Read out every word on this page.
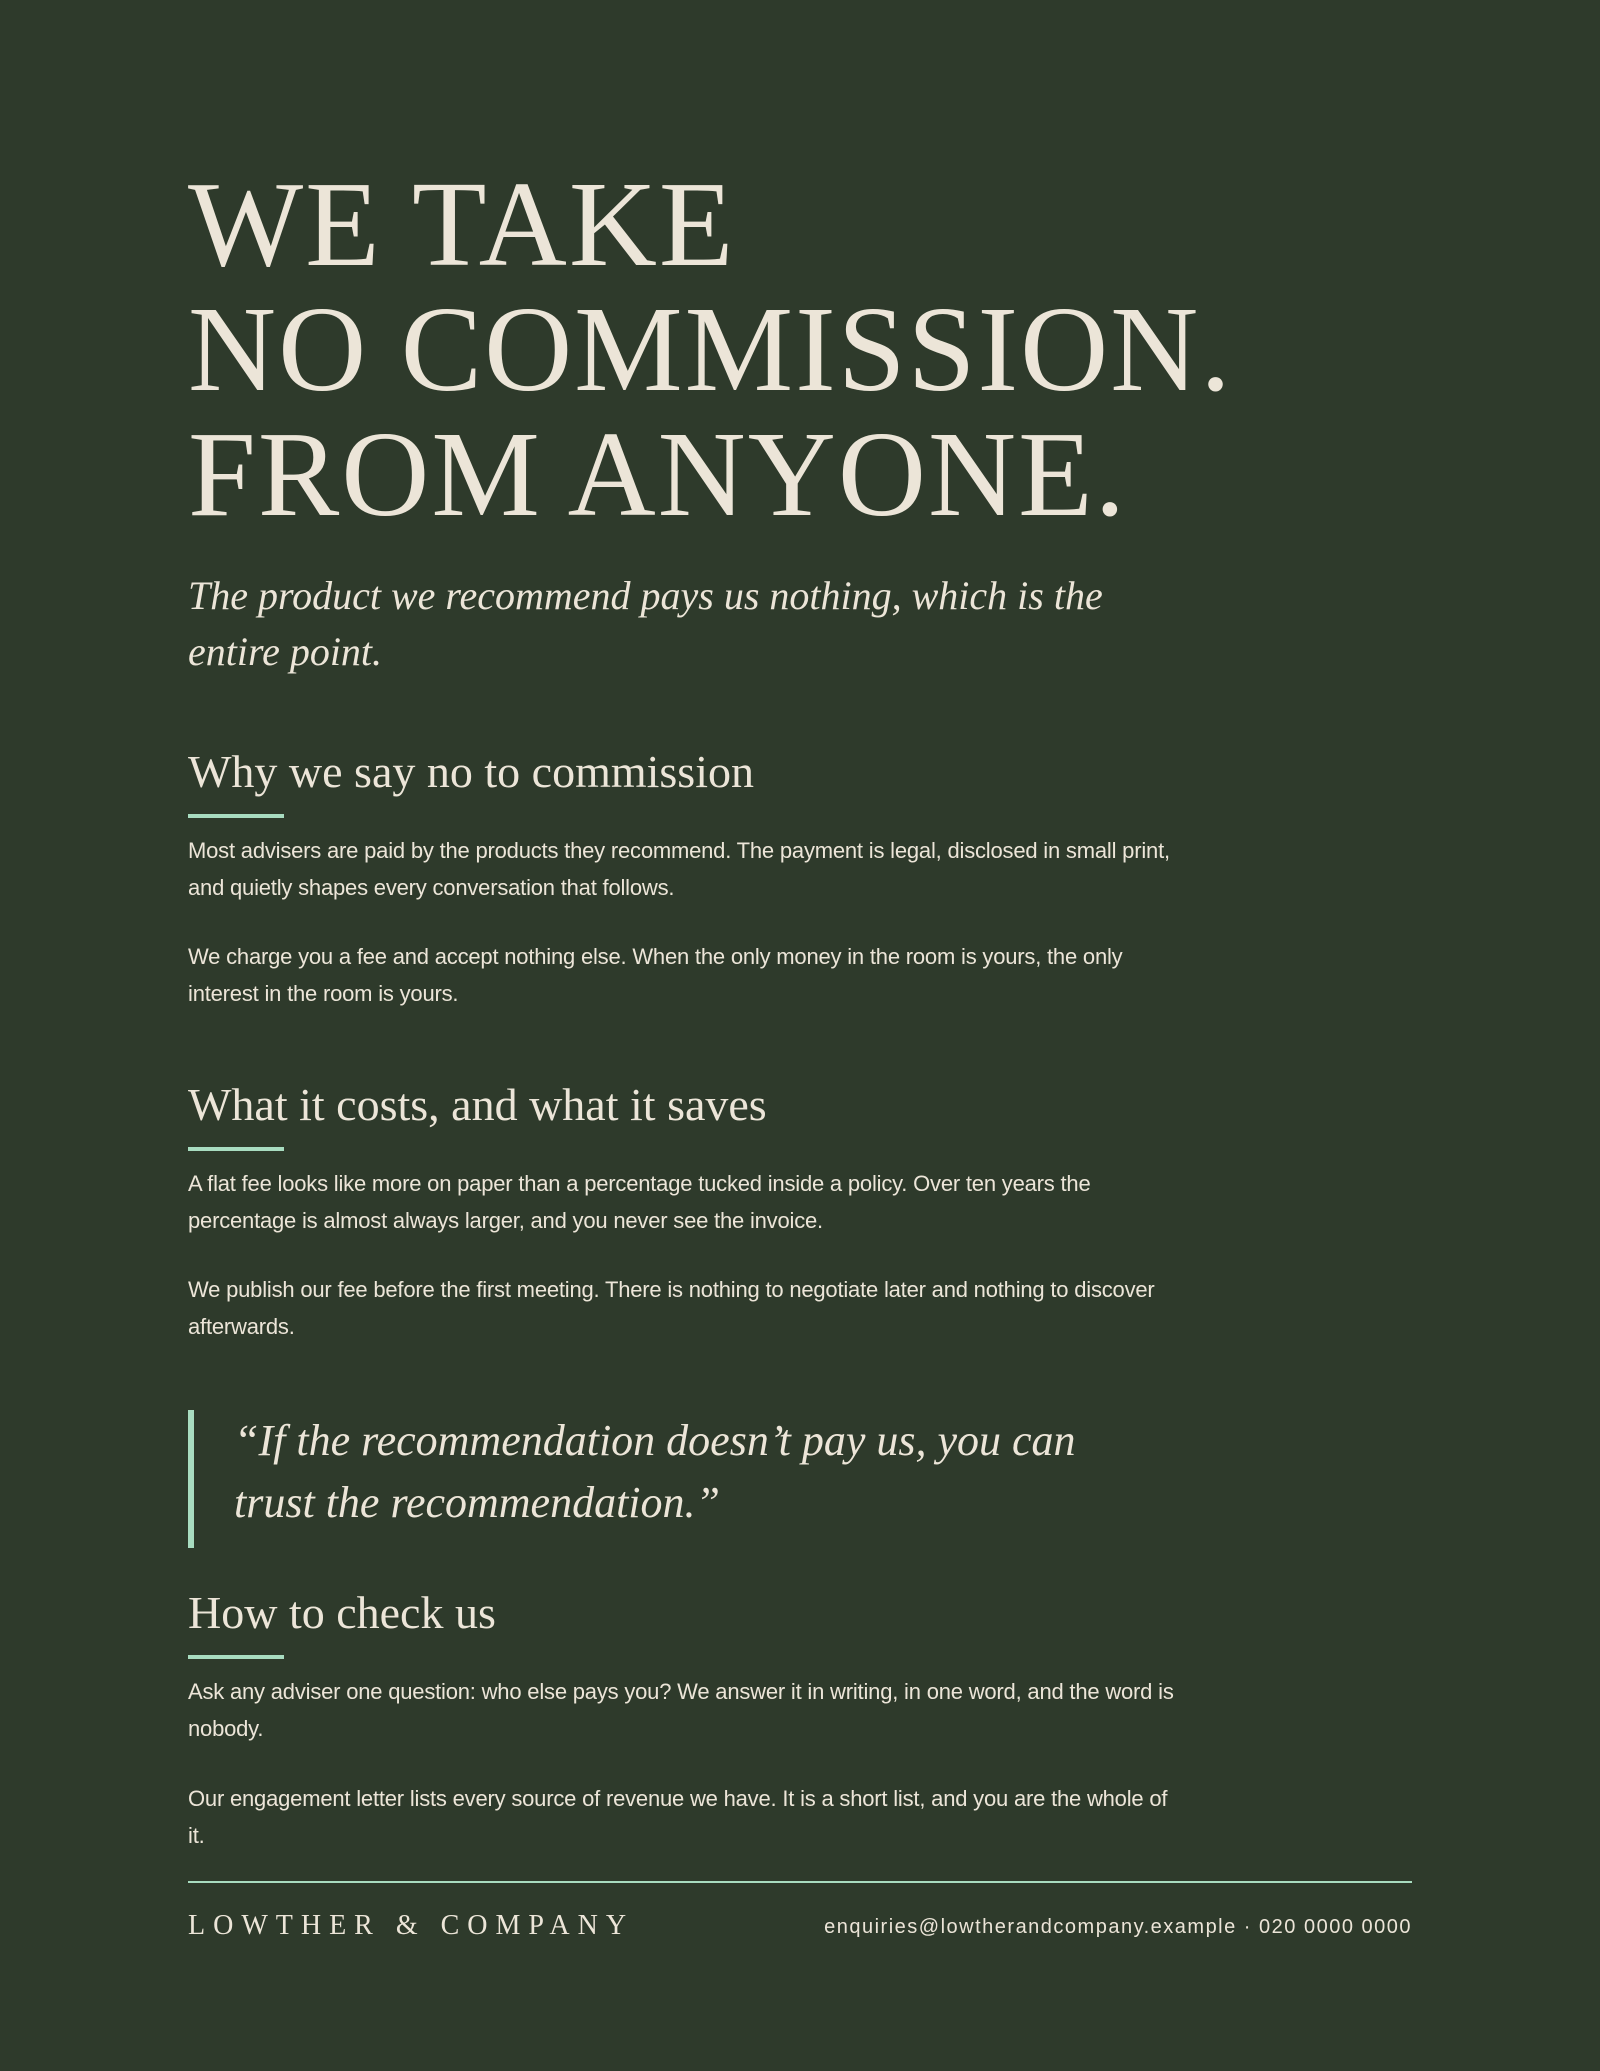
WE TAKE
NO COMMISSION.
FROM ANYONE.

The product we recommend pays us nothing, which is the entire point.

Why we say no to commission

Most advisers are paid by the products they recommend. The payment is legal, disclosed in small print, and quietly shapes every conversation that follows.

We charge you a fee and accept nothing else. When the only money in the room is yours, the only interest in the room is yours.

What it costs, and what it saves

A flat fee looks like more on paper than a percentage tucked inside a policy. Over ten years the percentage is almost always larger, and you never see the invoice.

We publish our fee before the first meeting. There is nothing to negotiate later and nothing to discover afterwards.

“If the recommendation doesn’t pay us, you can trust the recommendation.”

How to check us

Ask any adviser one question: who else pays you? We answer it in writing, in one word, and the word is nobody.

Our engagement letter lists every source of revenue we have. It is a short list, and you are the whole of it.

LOWTHER & COMPANY	enquiries@lowtherandcompany.example · 020 0000 0000
